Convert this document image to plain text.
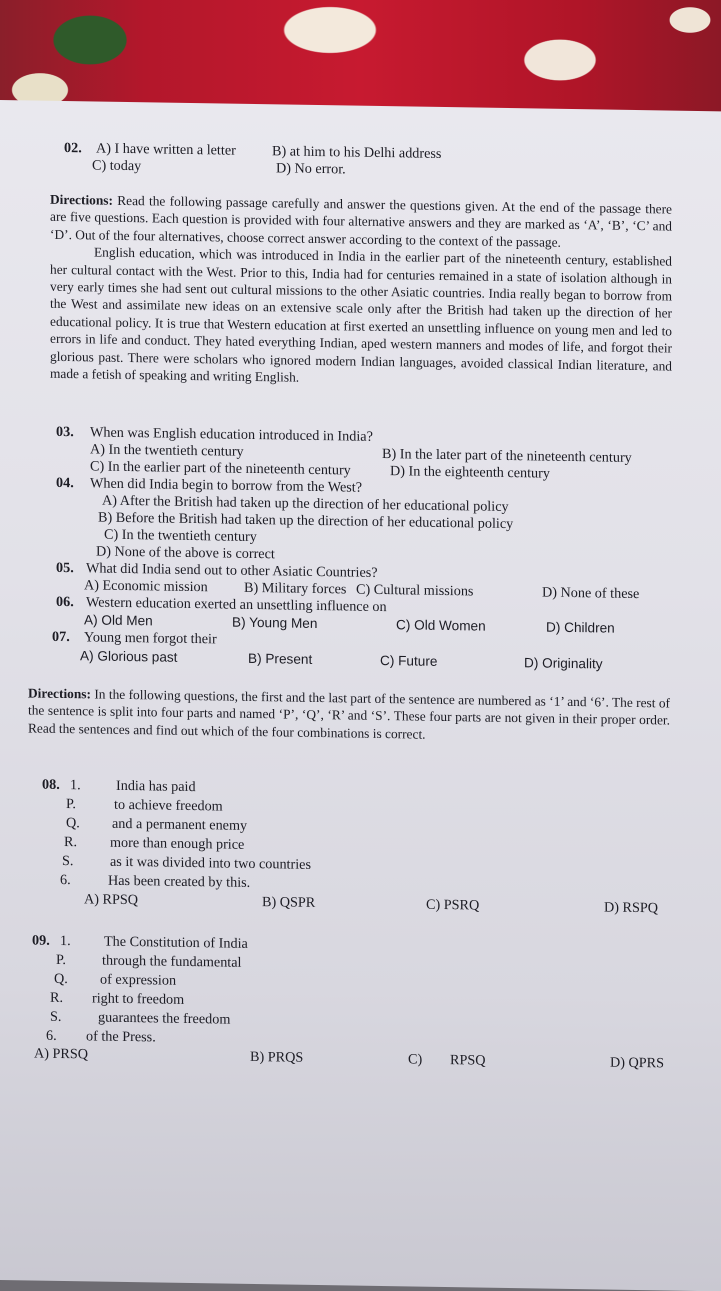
02. A) I have written a letter	B) at him to his Delhi address
C) today	D) No error.

Directions: Read the following passage carefully and answer the questions given. At the end of the passage there are five questions. Each question is provided with four alternative answers and they are marked as ‘A’, ‘B’, ‘C’ and ‘D’. Out of the four alternatives, choose correct answer according to the context of the passage.

English education, which was introduced in India in the earlier part of the nineteenth century, established her cultural contact with the West. Prior to this, India had for centuries remained in a state of isolation although in very early times she had sent out cultural missions to the other Asiatic countries. India really began to borrow from the West and assimilate new ideas on an extensive scale only after the British had taken up the direction of her educational policy. It is true that Western education at first exerted an unsettling influence on young men and led to errors in life and conduct. They hated everything Indian, aped western manners and modes of life, and forgot their glorious past. There were scholars who ignored modern Indian languages, avoided classical Indian literature, and made a fetish of speaking and writing English.

03. When was English education introduced in India?
A) In the twentieth century	B) In the later part of the nineteenth century
C) In the earlier part of the nineteenth century	D) In the eighteenth century
04. When did India begin to borrow from the West?
A) After the British had taken up the direction of her educational policy
B) Before the British had taken up the direction of her educational policy
C) In the twentieth century
D) None of the above is correct
05. What did India send out to other Asiatic Countries?
A) Economic mission	B) Military forces C) Cultural missions	D) None of these
06. Western education exerted an unsettling influence on
A) Old Men	B) Young Men	C) Old Women	D) Children
07. Young men forgot their
A) Glorious past	B) Present	C) Future	D) Originality

Directions: In the following questions, the first and the last part of the sentence are numbered as ‘1’ and ‘6’. The rest of the sentence is split into four parts and named ‘P’, ‘Q’, ‘R’ and ‘S’. These four parts are not given in their proper order. Read the sentences and find out which of the four combinations is correct.

08. 1. India has paid
P.	to achieve freedom
Q. and a permanent enemy
R. more than enough price
S.	as it was divided into two countries
6.	Has been created by this.
A) RPSQ	B) QSPR	C) PSRQ	D) RSPQ
09. 1. The Constitution of India
P.	through the fundamental
Q. of expression
R. right to freedom
S.	guarantees the freedom
6. of the Press.
A) PRSQ	B) PRQS	C) RPSQ	D) QPRS
